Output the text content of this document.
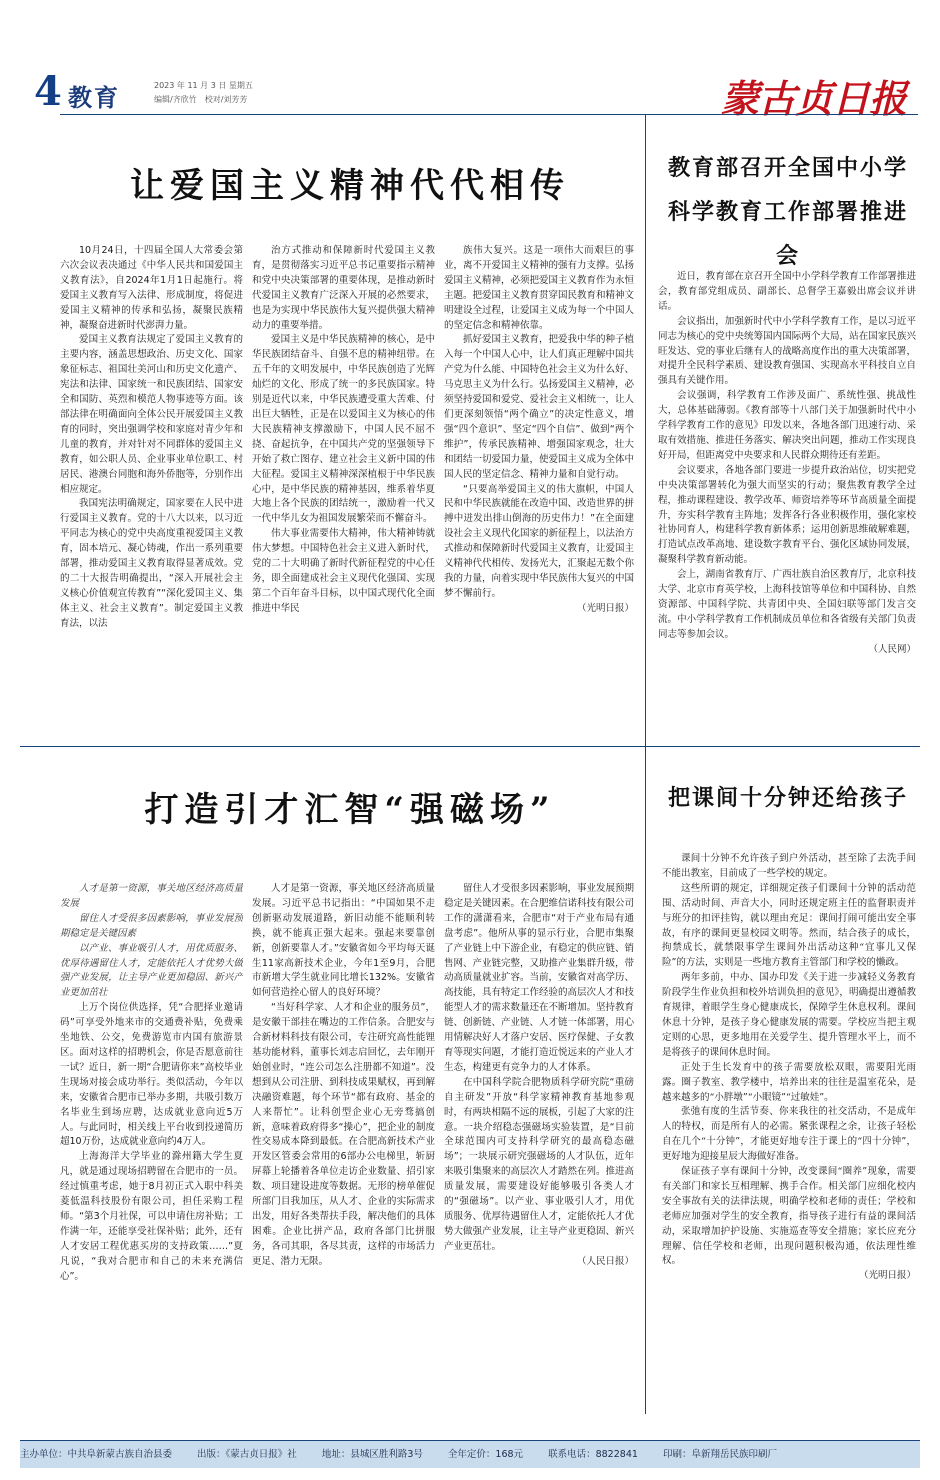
4 教育	2023 年 11 月 3 日 星期五
编辑/齐欣竹　校对/刘芳芳	蒙古贞日报
让爱国主义精神代代相传

10月24日，十四届全国人大常委会第六次会议表决通过《中华人民共和国爱国主义教育法》，自2024年1月1日起施行。将爱国主义教育写入法律、形成制度，将促进爱国主义精神的传承和弘扬，凝聚民族精神，凝聚奋进新时代澎湃力量。

爱国主义教育法规定了爱国主义教育的主要内容，涵盖思想政治、历史文化、国家象征标志、祖国壮美河山和历史文化遗产、宪法和法律、国家统一和民族团结、国家安全和国防、英烈和模范人物事迹等方面。该部法律在明确面向全体公民开展爱国主义教育的同时，突出强调学校和家庭对青少年和儿童的教育，并对针对不同群体的爱国主义教育，如公职人员、企业事业单位职工、村居民、港澳台同胞和海外侨胞等，分别作出相应规定。

我国宪法明确规定，国家要在人民中进行爱国主义教育。党的十八大以来，以习近平同志为核心的党中央高度重视爱国主义教育，固本培元、凝心铸魂，作出一系列重要部署，推动爱国主义教育取得显著成效。党的二十大报告明确提出，“深入开展社会主义核心价值观宣传教育”“深化爱国主义、集体主义、社会主义教育”。制定爱国主义教育法，以法

治方式推动和保障新时代爱国主义教育，是贯彻落实习近平总书记重要指示精神和党中央决策部署的重要体现，是推动新时代爱国主义教育广泛深入开展的必然要求，也是为实现中华民族伟大复兴提供强大精神动力的重要举措。

爱国主义是中华民族精神的核心，是中华民族团结奋斗、自强不息的精神纽带。在五千年的文明发展中，中华民族创造了光辉灿烂的文化、形成了统一的多民族国家。特别是近代以来，中华民族遭受重大苦难、付出巨大牺牲，正是在以爱国主义为核心的伟大民族精神支撑激励下，中国人民不屈不挠、奋起抗争，在中国共产党的坚强领导下开始了救亡图存、建立社会主义新中国的伟大征程。爱国主义精神深深植根于中华民族心中，是中华民族的精神基因，维系着华夏大地上各个民族的团结统一，激励着一代又一代中华儿女为祖国发展繁荣而不懈奋斗。

伟大事业需要伟大精神，伟大精神铸就伟大梦想。中国特色社会主义进入新时代，党的二十大明确了新时代新征程党的中心任务，即全面建成社会主义现代化强国、实现第二个百年奋斗目标，以中国式现代化全面推进中华民

族伟大复兴。这是一项伟大而艰巨的事业，离不开爱国主义精神的强有力支撑。弘扬爱国主义精神，必须把爱国主义教育作为永恒主题。把爱国主义教育贯穿国民教育和精神文明建设全过程，让爱国主义成为每一个中国人的坚定信念和精神依靠。

抓好爱国主义教育，把爱我中华的种子植入每一个中国人心中，让人们真正理解中国共产党为什么能、中国特色社会主义为什么好、马克思主义为什么行。弘扬爱国主义精神，必须坚持爱国和爱党、爱社会主义相统一，让人们更深刻领悟“两个确立”的决定性意义，增强“四个意识”、坚定“四个自信”、做到“两个维护”，传承民族精神、增强国家观念，壮大和团结一切爱国力量，使爱国主义成为全体中国人民的坚定信念、精神力量和自觉行动。

“只要高举爱国主义的伟大旗帜，中国人民和中华民族就能在改造中国、改造世界的拼搏中迸发出排山倒海的历史伟力！”在全面建设社会主义现代化国家的新征程上，以法治方式推动和保障新时代爱国主义教育，让爱国主义精神代代相传、发扬光大，汇聚起无数个你我的力量，向着实现中华民族伟大复兴的中国梦不懈前行。

（光明日报）

教育部召开全国中小学
科学教育工作部署推进会

近日，教育部在京召开全国中小学科学教育工作部署推进会，教育部党组成员、副部长、总督学王嘉毅出席会议并讲话。

会议指出，加强新时代中小学科学教育工作，是以习近平同志为核心的党中央统筹国内国际两个大局，站在国家民族兴旺发达、党的事业后继有人的战略高度作出的重大决策部署，对提升全民科学素质、建设教育强国、实现高水平科技自立自强具有关键作用。

会议强调，科学教育工作涉及面广、系统性强、挑战性大，总体基础薄弱。《教育部等十八部门关于加强新时代中小学科学教育工作的意见》印发以来，各地各部门迅速行动、采取有效措施、推进任务落实、解决突出问题，推动工作实现良好开局，但距离党中央要求和人民群众期待还有差距。

会议要求，各地各部门要进一步提升政治站位，切实把党中央决策部署转化为强大而坚实的行动；聚焦教育教学全过程，推动课程建设、教学改革、师资培养等环节高质量全面提升，夯实科学教育主阵地；发挥各行各业积极作用，强化家校社协同育人，构建科学教育新体系；运用创新思维破解难题，打造试点改革高地、建设数字教育平台、强化区域协同发展，凝聚科学教育新动能。

会上，湖南省教育厅、广西壮族自治区教育厅，北京科技大学、北京市育英学校，上海科技馆等单位和中国科协、自然资源部、中国科学院、共青团中央、全国妇联等部门发言交流。中小学科学教育工作机制成员单位和各省级有关部门负责同志等参加会议。

（人民网）

打造引才汇智“强磁场”

人才是第一资源，事关地区经济高质量发展

留住人才受很多因素影响，事业发展预期稳定是关键因素

以产业、事业吸引人才，用优质服务、优厚待遇留住人才，定能依托人才优势大做强产业发展，让主导产业更加稳固、新兴产业更加茁壮

上万个岗位供选择，凭“合肥择业邀请码”可享受外地来市的交通费补贴，免费乘坐地铁、公交，免费游览市内国有旅游景区。面对这样的招聘机会，你是否愿意前往一试？近日，新一期“合肥请你来”高校毕业生现场对接会成功举行。类似活动，今年以来，安徽省合肥市已举办多期，共吸引数万名毕业生到场应聘，达成就业意向近5万人。与此同时，相关线上平台收到投递简历超10万份，达成就业意向约4万人。

上海海洋大学毕业的滁州籍大学生夏凡，就是通过现场招聘留在合肥市的一员。经过慎重考虑，她于8月初正式入职中科美菱低温科技股份有限公司，担任采购工程师。“第3个月社保，可以申请住房补贴；工作满一年，还能享受社保补贴；此外，还有人才安居工程优惠买房的支持政策……”夏凡说，“我对合肥市和自己的未来充满信心”。

人才是第一资源，事关地区经济高质量发展。习近平总书记指出：“中国如果不走创新驱动发展道路，新旧动能不能顺利转换，就不能真正强大起来。强起来要靠创新，创新要靠人才。”安徽省如今平均每天诞生11家高新技术企业，今年1至9月，合肥市新增大学生就业同比增长132%。安徽省如何营造拴心留人的良好环境？

“当好科学家、人才和企业的服务员”，是安徽干部挂在嘴边的工作信条。合肥安与合新材料科技有限公司，专注研究高性能锂基功能材料，董事长刘志启回忆，去年刚开始创业时，“连公司怎么注册都不知道”。没想到从公司注册、到科技成果赋权，再到解决融资难题，每个环节“都有政府、基金的人来帮忙”。让科创型企业心无旁骛搞创新，意味着政府得多“操心”，把企业的制度性交易成本降到最低。在合肥高新技术产业开发区管委会常用的6部办公电梯里，斩厨屏幕上轮播着各单位走访企业数量、招引家数、项目建设进度等数据。无形的榜单催促所部门目我加压，从人才、企业的实际需求出发，用好各类帮扶手段，解决他们的具体困难。企业比拼产品，政府各部门比拼服务，各司其职，各尽其责，这样的市场活力更足、潜力无限。

留住人才受很多因素影响，事业发展预期稳定是关键因素。在合肥维信诺科技有限公司工作的潇潇看来，合肥市“对于产业布局有通盘考虑”。他所从事的显示行业，合肥市集聚了产业链上中下游企业，有稳定的供应链、销售网、产业链完整，又助推产业集群升级，带动高质量就业扩容。当前，安徽省对高学历、高技能，具有特定工作经验的高层次人才和技能型人才的需求数量还在不断增加。坚持教育链、创新链、产业链、人才链一体部署，用心用情解决好人才落户安居、医疗保健、子女教育等现实问题，才能打造近悦远来的产业人才生态，构建更有竞争力的人才体系。

在中国科学院合肥物质科学研究院“重磅自主研发”开放“科学家精神教育基地参观时，有两块相隔不远的展板，引起了大家的注意。一块介绍稳态强磁场实验装置，是“目前全球范围内可支持科学研究的最高稳态磁场”；一块展示研究强磁场的人才队伍，近年来吸引集聚来的高层次人才踏然在列。推进高质量发展，需要建设好能够吸引各类人才的“强磁场”。以产业、事业吸引人才，用优质服务、优厚待遇留住人才，定能依托人才优势大做强产业发展，让主导产业更稳固、新兴产业更茁壮。

（人民日报）

把课间十分钟还给孩子

课间十分钟不允许孩子到户外活动，甚至除了去洗手间不能出教室，目前成了一些学校的规定。

这些所谓的规定，详细规定孩子们课间十分钟的活动范围、活动时间、声音大小，同时还规定班主任的监督职责并与班分的扣评挂钩，就以理由充足：课间打闹可能出安全事故，有序的课间更显校园文明等。然而，结合孩子的成长，拘禁成长，就禁限事学生课间外出活动这种“宜事儿又保险”的方法，实则是一些地方教育主管部门和学校的懒政。

两年多前，中办、国办印发《关于进一步减轻义务教育阶段学生作业负担和校外培训负担的意见》，明确提出遵循教育规律，着眼学生身心健康成长，保障学生休息权利。课间休息十分钟，是孩子身心健康发展的需要。学校应当把主观定则的心思，更多地用在关爱学生、提升管理水平上，而不是将孩子的课间休息时间。

正处于生长发育中的孩子需要放松双眼，需要阳光雨露。圈子教室、教学楼中，培养出来的往往是温室花朵，是越来越多的“小胖墩”“小眼镜”“过敏娃”。

张弛有度的生活节奏、你来我往的社交活动，不是成年人的特权，而是所有人的必需。紧张课程之余，让孩子轻松自在几个“十分钟”，才能更好地专注于课上的“四十分钟”，更好地为迎接星辰大海做好准备。

保证孩子享有课间十分钟，改变课间“圈养”现象，需要有关部门和家长互相理解、携手合作。相关部门应细化校内安全事故有关的法律法规，明确学校和老师的责任；学校和老师应加强对学生的安全教育，指导孩子进行有益的课间活动，采取增加护护设施、实施巡查等安全措施；家长应充分理解、信任学校和老师，出现问题积极沟通，依法理性维权。

（光明日报）

主办单位：中共阜新蒙古族自治县委	出版：《蒙古贞日报》社	地址：县城区胜利路3号	全年定价：168元	联系电话：8822841	印刷：阜新翔岳民族印刷厂
